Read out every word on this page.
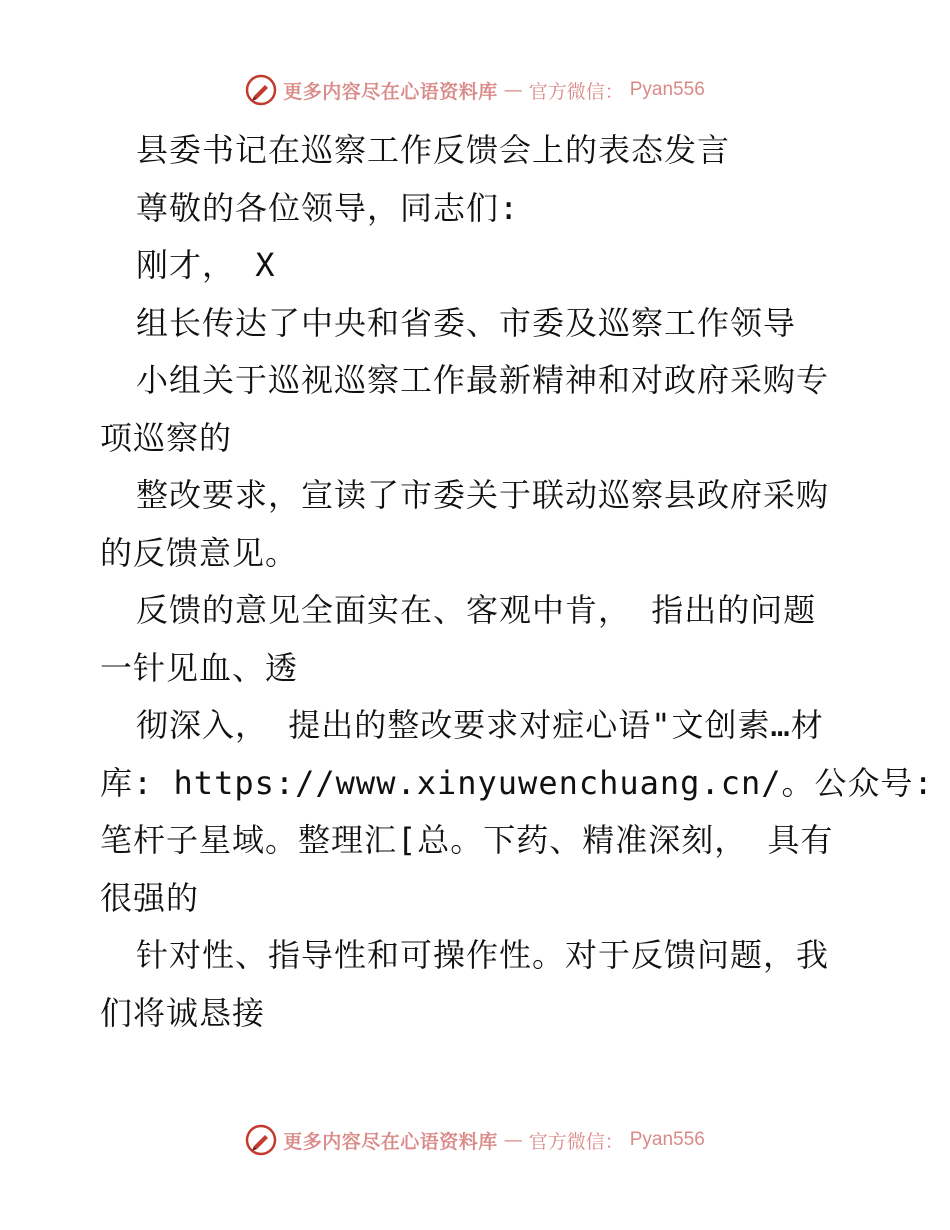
更多内容尽在心语资料库 — 官方微信： Pyan556
县委书记在巡察工作反馈会上的表态发言
尊敬的各位领导，同志们:
刚才， X
组长传达了中央和省委、市委及巡察工作领导
小组关于巡视巡察工作最新精神和对政府采购专
项巡察的
整改要求，宣读了市委关于联动巡察县政府采购
的反馈意见。
反馈的意见全面实在、客观中肯， 指出的问题
一针见血、透
彻深入， 提出的整改要求对症心语"文创素…材
库: https://www.xinyuwenchuang.cn/。公众号:
笔杆子星域。整理汇[总。下药、精准深刻， 具有
很强的
针对性、指导性和可操作性。对于反馈问题，我
们将诚恳接
更多内容尽在心语资料库 — 官方微信： Pyan556
